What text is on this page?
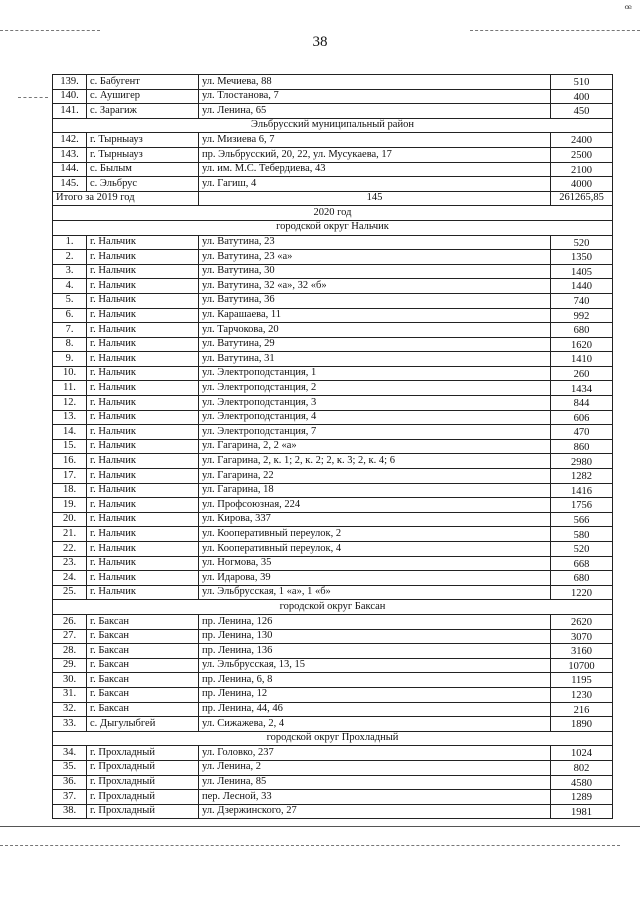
38
ꟹ
139.	с. Бабугент	ул. Мечиева, 88	510
140.	с. Аушигер	ул. Тлостанова, 7	400
141.	с. Зарагиж	ул. Ленина, 65	450
Эльбрусский муниципальный район			
142.	г. Тырныауз	ул. Мизиева 6, 7	2400
143.	г. Тырныауз	пр. Эльбрусский, 20, 22, ул. Мусукаева, 17	2500
144.	с. Былым	ул. им. М.С. Тебердиева, 43	2100
145.	с. Эльбрус	ул. Гагиш, 4	4000
Итого за 2019 год		145	261265,85
2020 год			
городской округ Нальчик			
1.	г. Нальчик	ул. Ватутина, 23	520
2.	г. Нальчик	ул. Ватутина, 23 «а»	1350
3.	г. Нальчик	ул. Ватутина, 30	1405
4.	г. Нальчик	ул. Ватутина, 32 «а», 32 «б»	1440
5.	г. Нальчик	ул. Ватутина, 36	740
6.	г. Нальчик	ул. Карашаева, 11	992
7.	г. Нальчик	ул. Тарчокова, 20	680
8.	г. Нальчик	ул. Ватутина, 29	1620
9.	г. Нальчик	ул. Ватутина, 31	1410
10.	г. Нальчик	ул. Электроподстанция, 1	260
11.	г. Нальчик	ул. Электроподстанция, 2	1434
12.	г. Нальчик	ул. Электроподстанция, 3	844
13.	г. Нальчик	ул. Электроподстанция, 4	606
14.	г. Нальчик	ул. Электроподстанция, 7	470
15.	г. Нальчик	ул. Гагарина, 2, 2 «а»	860
16.	г. Нальчик	ул. Гагарина, 2, к. 1; 2, к. 2; 2, к. 3; 2, к. 4; 6	2980
17.	г. Нальчик	ул. Гагарина, 22	1282
18.	г. Нальчик	ул. Гагарина, 18	1416
19.	г. Нальчик	ул. Профсоюзная, 224	1756
20.	г. Нальчик	ул. Кирова, 337	566
21.	г. Нальчик	ул. Кооперативный переулок, 2	580
22.	г. Нальчик	ул. Кооперативный переулок, 4	520
23.	г. Нальчик	ул. Ногмова, 35	668
24.	г. Нальчик	ул. Идарова, 39	680
25.	г. Нальчик	ул. Эльбрусская, 1 «а», 1 «б»	1220
городской округ Баксан			
26.	г. Баксан	пр. Ленина, 126	2620
27.	г. Баксан	пр. Ленина, 130	3070
28.	г. Баксан	пр. Ленина, 136	3160
29.	г. Баксан	ул. Эльбрусская, 13, 15	10700
30.	г. Баксан	пр. Ленина, 6, 8	1195
31.	г. Баксан	пр. Ленина, 12	1230
32.	г. Баксан	пр. Ленина, 44, 46	216
33.	с. Дыгулыбгей	ул. Сижажева, 2, 4	1890
городской округ Прохладный			
34.	г. Прохладный	ул. Головко, 237	1024
35.	г. Прохладный	ул. Ленина, 2	802
36.	г. Прохладный	ул. Ленина, 85	4580
37.	г. Прохладный	пер. Лесной, 33	1289
38.	г. Прохладный	ул. Дзержинского, 27	1981
